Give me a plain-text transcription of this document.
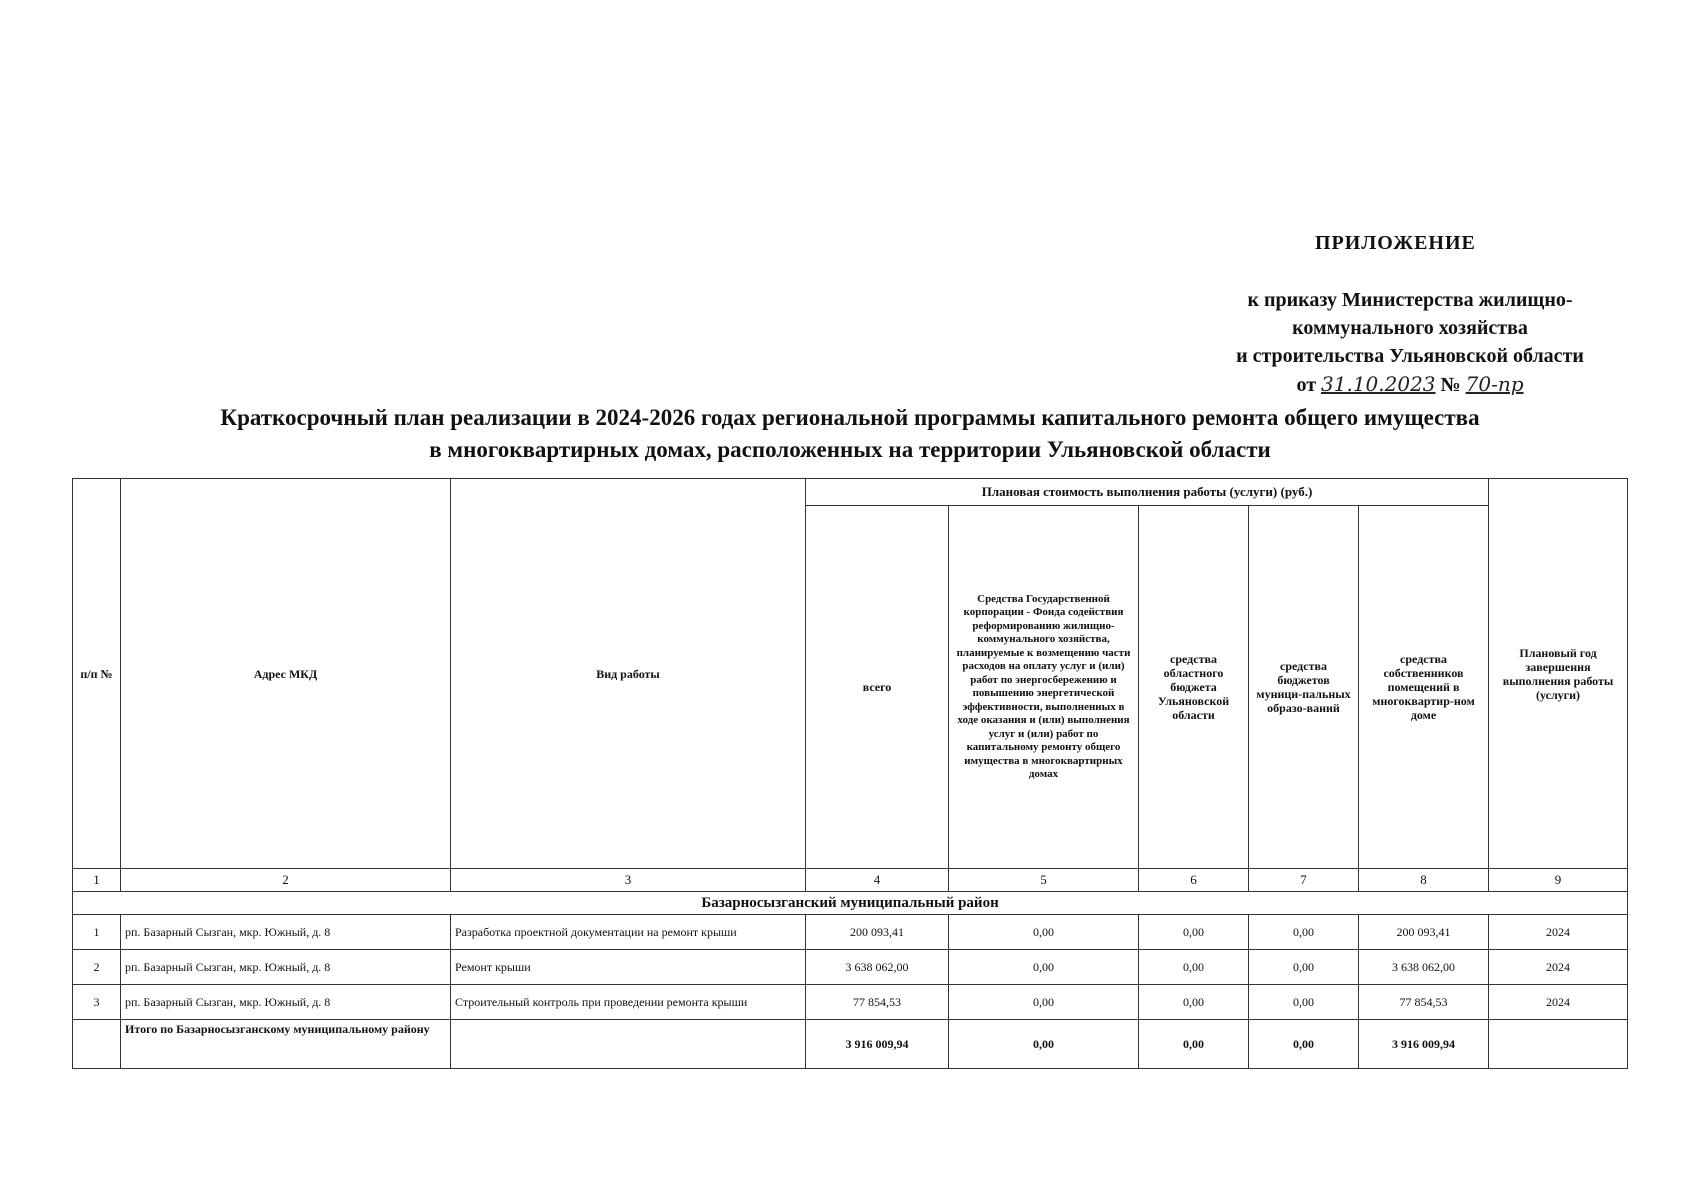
ПРИЛОЖЕНИЕ
к приказу Министерства жилищно-
коммунального хозяйства
и строительства Ульяновской области
от 31.10.2023 № 70-пр
Краткосрочный план реализации в 2024-2026 годах региональной программы капитального ремонта общего имущества
в многоквартирных домах, расположенных на территории Ульяновской области
п/п №	Адрес МКД	Вид работы	Плановая стоимость выполнения работы (услуги) (руб.)					Плановый год завершения выполнения работы (услуги)
			всего	Средства Государственной корпорации - Фонда содействия реформированию жилищно-коммунального хозяйства, планируемые к возмещению части расходов на оплату услуг и (или) работ по энергосбережению и повышению энергетической эффективности, выполненных в ходе оказания и (или) выполнения услуг и (или) работ по капитальному ремонту общего имущества в многоквартирных домах	средства областного бюджета Ульяновской области	средства бюджетов муници-пальных образо-ваний	средства собственников помещений в многоквартир-ном доме	
1	2	3	4	5	6	7	8	9
Базарносызганский муниципальный район								
1	рп. Базарный Сызган, мкр. Южный, д. 8	Разработка проектной документации на ремонт крыши	200 093,41	0,00	0,00	0,00	200 093,41	2024
2	рп. Базарный Сызган, мкр. Южный, д. 8	Ремонт крыши	3 638 062,00	0,00	0,00	0,00	3 638 062,00	2024
3	рп. Базарный Сызган, мкр. Южный, д. 8	Строительный контроль при проведении ремонта крыши	77 854,53	0,00	0,00	0,00	77 854,53	2024
	Итого по Базарносызганскому муниципальному району		3 916 009,94	0,00	0,00	0,00	3 916 009,94	
